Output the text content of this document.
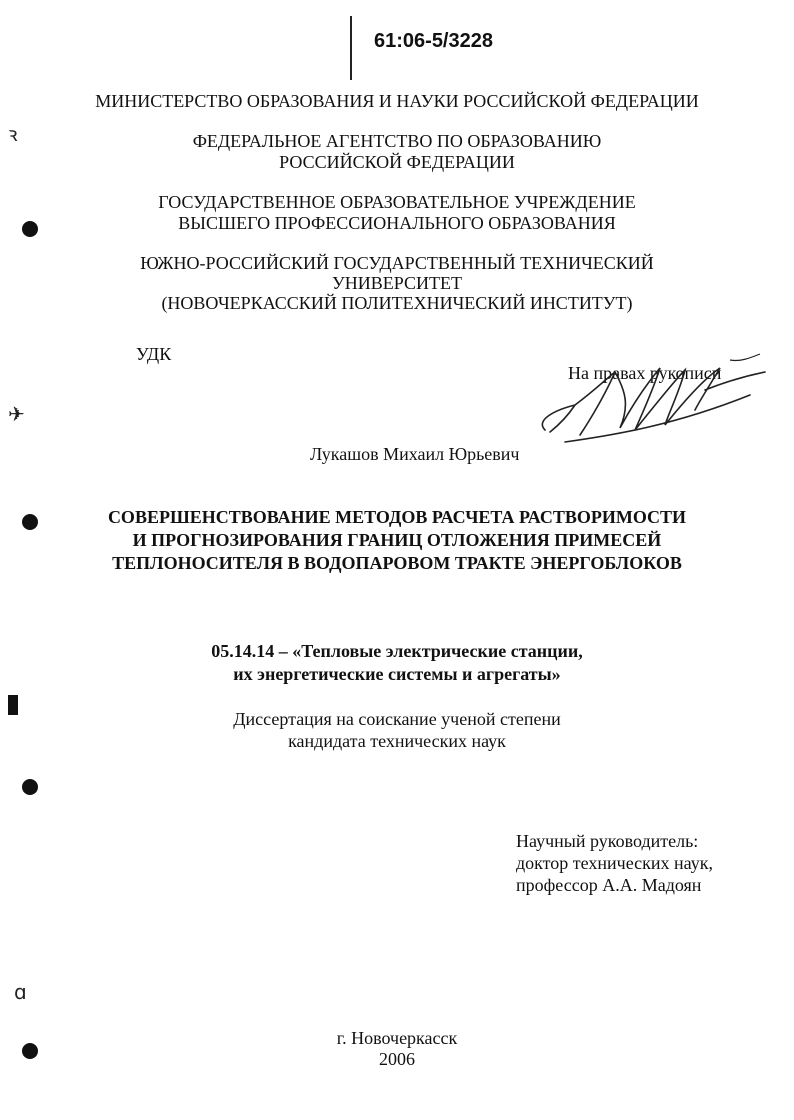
61:06-5/3228
МИНИСТЕРСТВО ОБРАЗОВАНИЯ И НАУКИ РОССИЙСКОЙ ФЕДЕРАЦИИ
ФЕДЕРАЛЬНОЕ АГЕНТСТВО ПО ОБРАЗОВАНИЮ
РОССИЙСКОЙ ФЕДЕРАЦИИ
ГОСУДАРСТВЕННОЕ ОБРАЗОВАТЕЛЬНОЕ УЧРЕЖДЕНИЕ
ВЫСШЕГО ПРОФЕССИОНАЛЬНОГО ОБРАЗОВАНИЯ
ЮЖНО-РОССИЙСКИЙ ГОСУДАРСТВЕННЫЙ ТЕХНИЧЕСКИЙ
УНИВЕРСИТЕТ
(НОВОЧЕРКАССКИЙ ПОЛИТЕХНИЧЕСКИЙ ИНСТИТУТ)
УДК
На правах рукописи
Лукашов Михаил Юрьевич
СОВЕРШЕНСТВОВАНИЕ МЕТОДОВ РАСЧЕТА РАСТВОРИМОСТИ
И ПРОГНОЗИРОВАНИЯ ГРАНИЦ ОТЛОЖЕНИЯ ПРИМЕСЕЙ
ТЕПЛОНОСИТЕЛЯ В ВОДОПАРОВОМ ТРАКТЕ ЭНЕРГОБЛОКОВ
05.14.14 – «Тепловые электрические станции,
их энергетические системы и агрегаты»
Диссертация на соискание ученой степени
кандидата технических наук
Научный руководитель:
доктор технических наук,
профессор А.А. Мадоян
г. Новочеркасск
2006
ꝛ
✈
ɑ
